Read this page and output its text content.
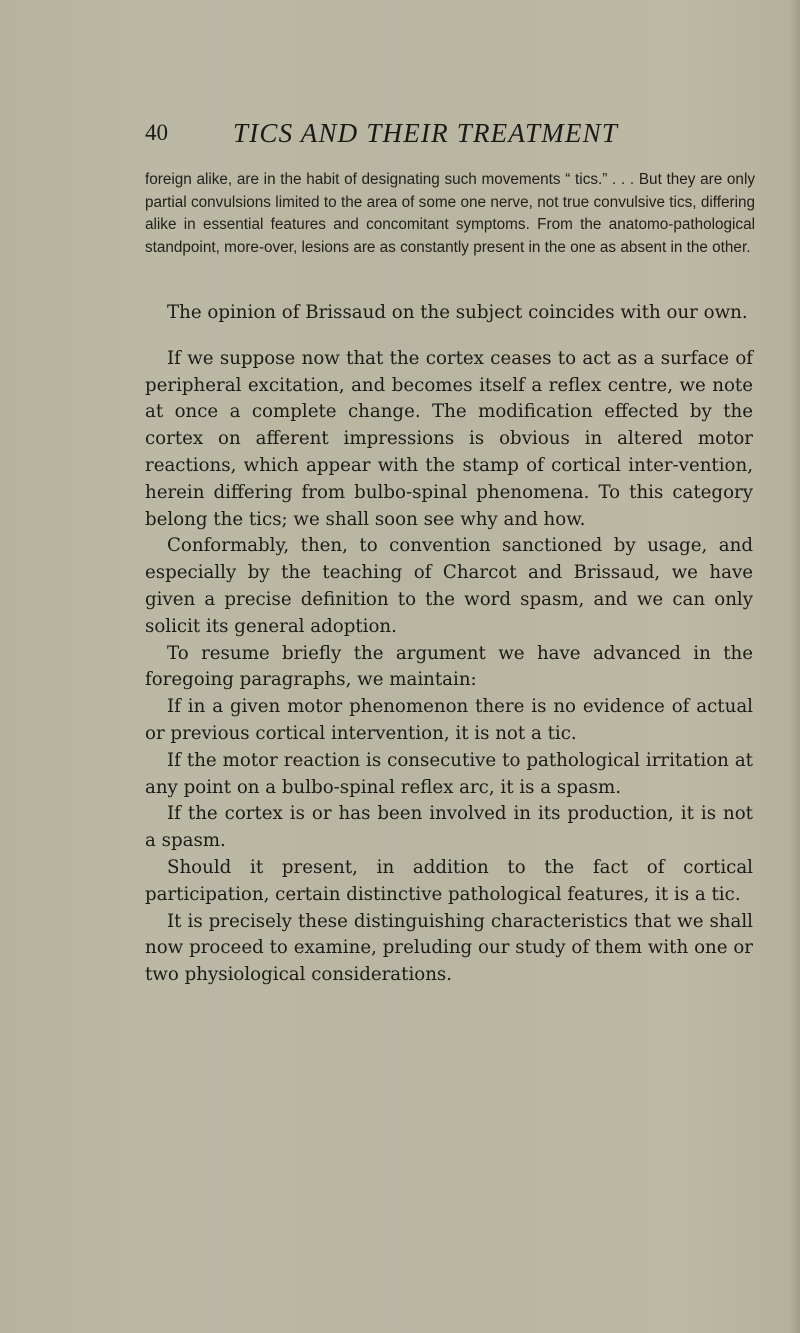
40 TICS AND THEIR TREATMENT

foreign alike, are in the habit of designating such movements “ tics.” . . . But they are only partial convulsions limited to the area of some one nerve, not true convulsive tics, differing alike in essential features and concomitant symptoms. From the anatomo-pathological standpoint, more-over, lesions are as constantly present in the one as absent in the other.

The opinion of Brissaud on the subject coincides with our own.

If we suppose now that the cortex ceases to act as a surface of peripheral excitation, and becomes itself a reflex centre, we note at once a complete change. The modification effected by the cortex on afferent impressions is obvious in altered motor reactions, which appear with the stamp of cortical inter-vention, herein differing from bulbo-spinal phenomena. To this category belong the tics; we shall soon see why and how.

Conformably, then, to convention sanctioned by usage, and especially by the teaching of Charcot and Brissaud, we have given a precise definition to the word spasm, and we can only solicit its general adoption.

To resume briefly the argument we have advanced in the foregoing paragraphs, we maintain:

If in a given motor phenomenon there is no evidence of actual or previous cortical intervention, it is not a tic.

If the motor reaction is consecutive to pathological irritation at any point on a bulbo-spinal reflex arc, it is a spasm.

If the cortex is or has been involved in its production, it is not a spasm.

Should it present, in addition to the fact of cortical participation, certain distinctive pathological features, it is a tic.

It is precisely these distinguishing characteristics that we shall now proceed to examine, preluding our study of them with one or two physiological considerations.
